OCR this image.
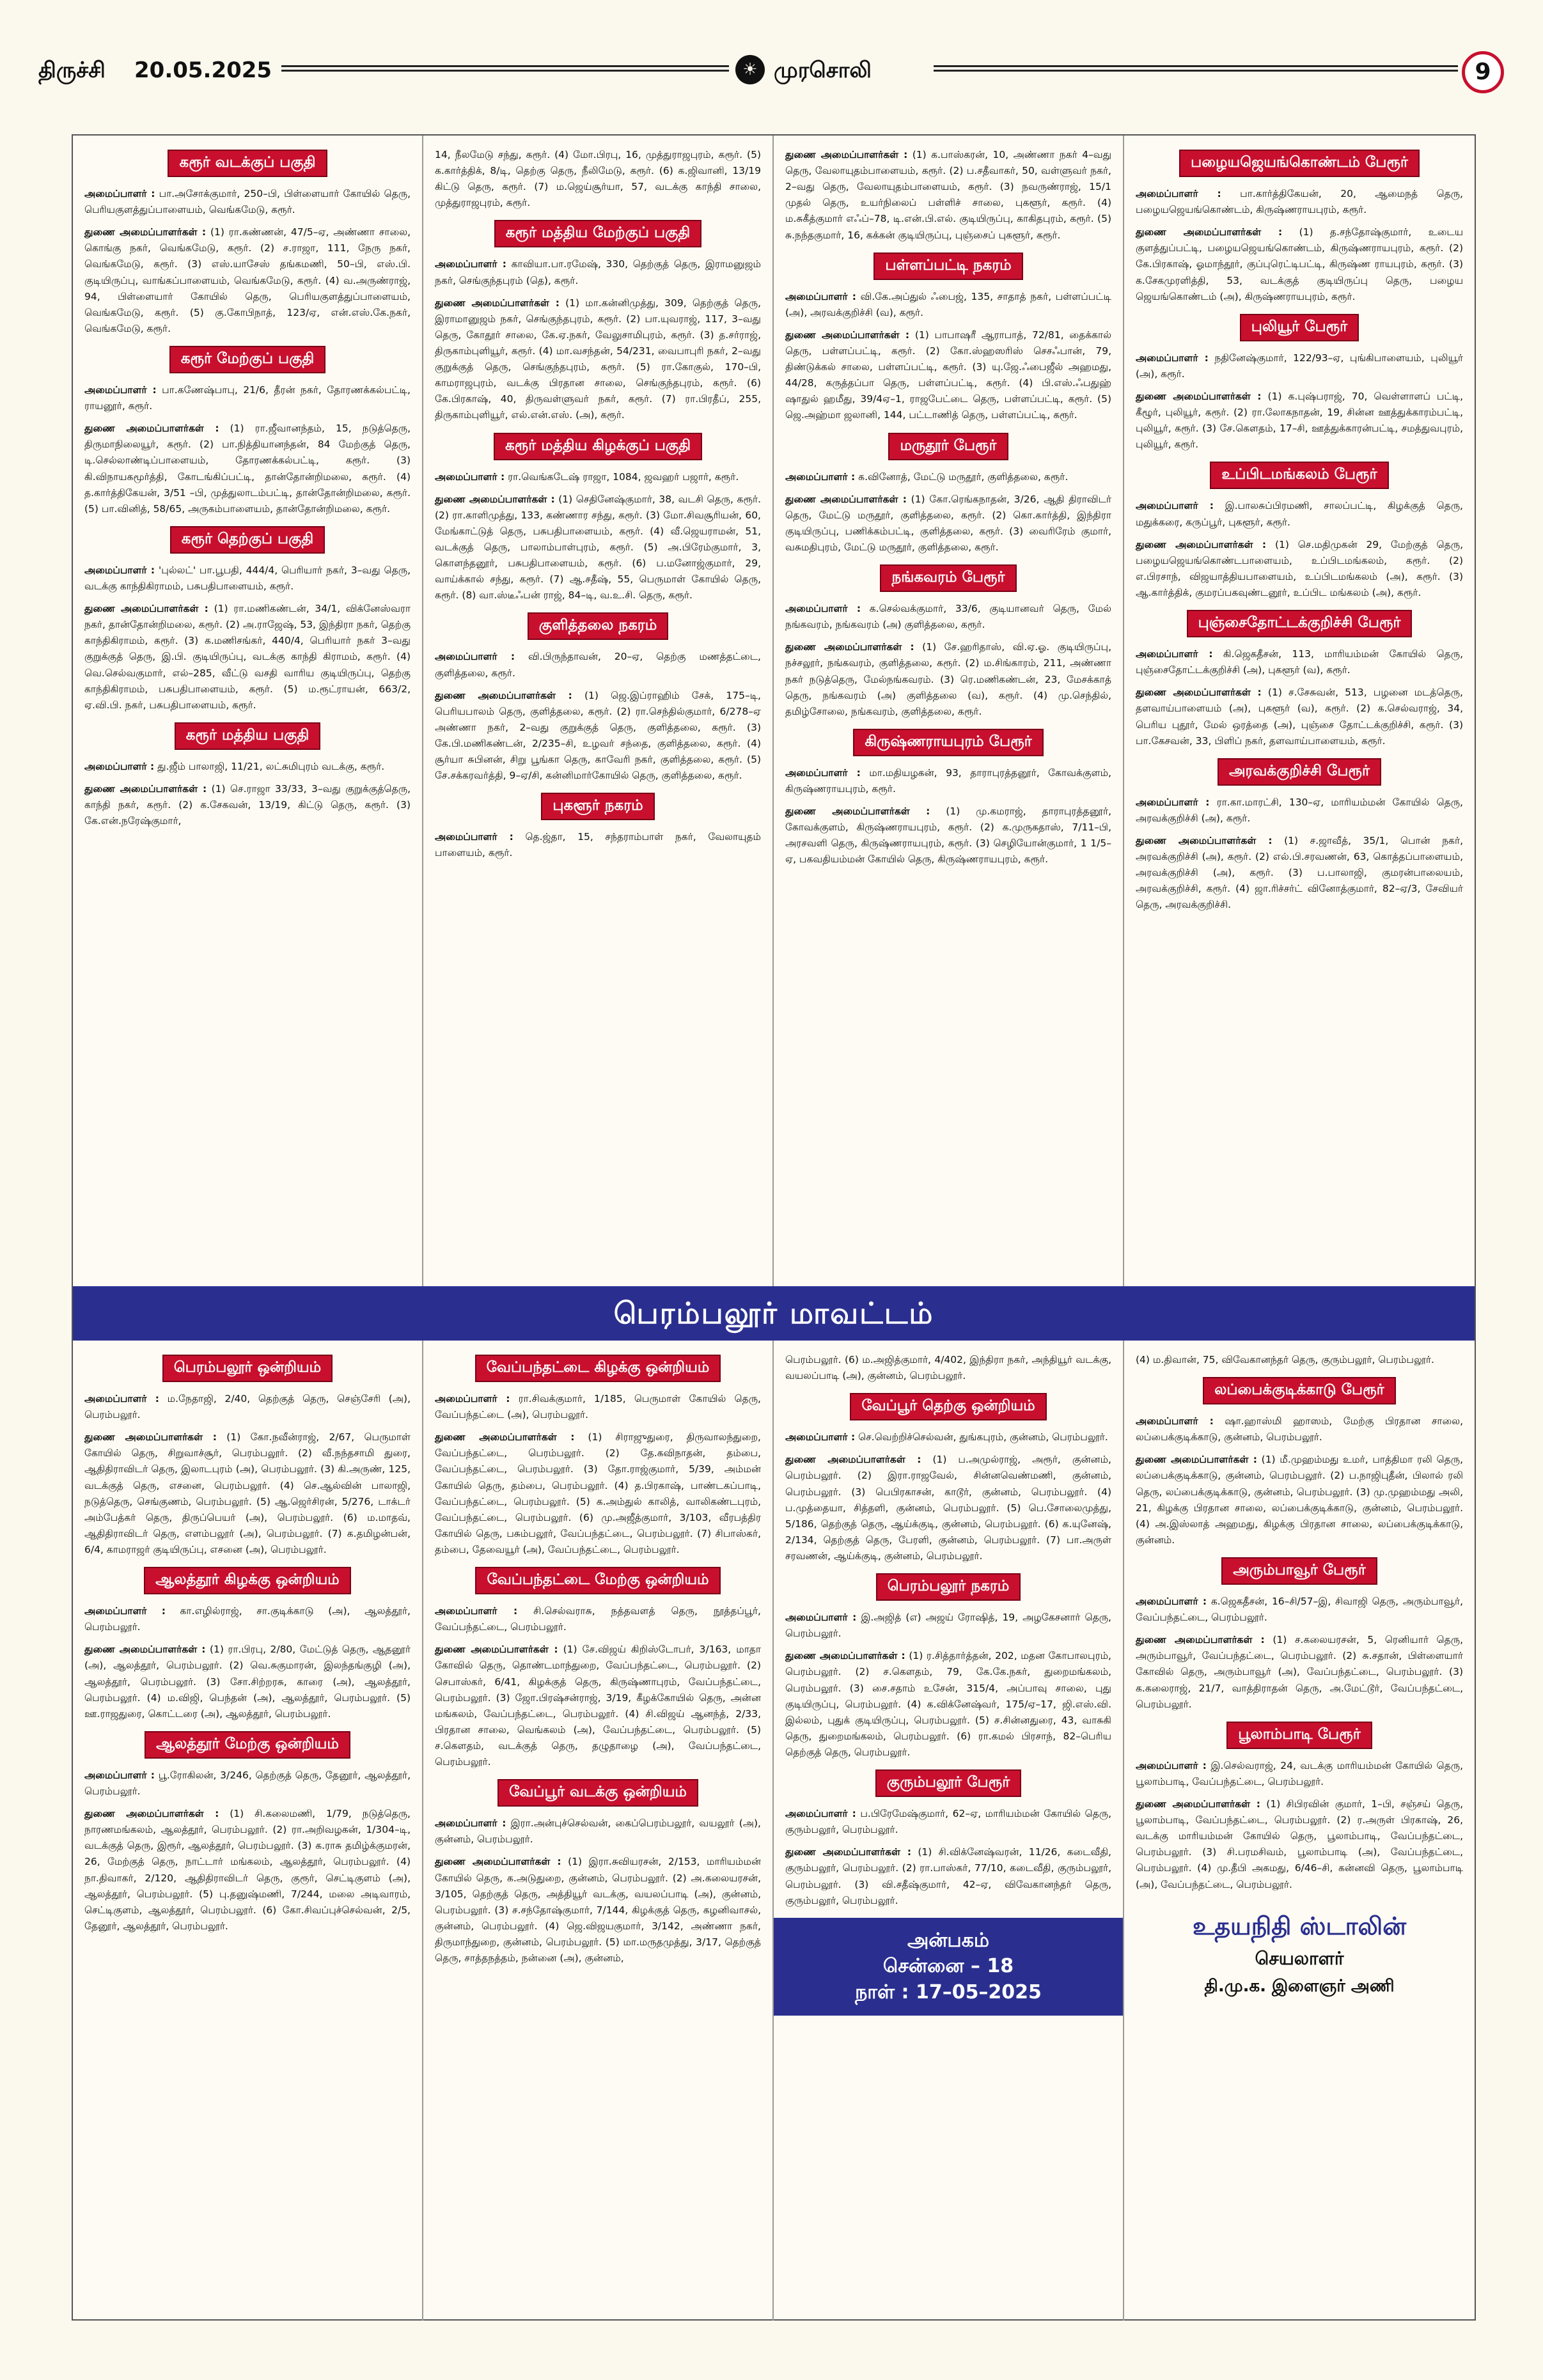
திருச்சி 20.05.2025	☀ முரசொலி	9
கரூர் வடக்குப் பகுதி

அமைப்பாளர் : பா.அசோக்குமார், 250–பி, பிள்ளையார் கோயில் தெரு, பெரியகுளத்துப்பாளையம், வெங்கமேடு, கரூர்.

துணை அமைப்பாளர்கள் : (1) ரா.கண்ணன், 47/5–ஏ, அண்ணா சாலை, கொங்கு நகர், வெங்கமேடு, கரூர். (2) ச.ராஜா, 111, நேரு நகர், வெங்கமேடு, கரூர். (3) எஸ்.யாசேஸ் தங்கமணி, 50–பி, எஸ்.பி. குடியிருப்பு, வாங்கப்பாளையம், வெங்கமேடு, கரூர். (4) வ.அருண்ராஜ், 94, பிள்ளையார் கோயில் தெரு, பெரியகுளத்துப்பாளையம், வெங்கமேடு, கரூர். (5) கு.கோபிநாத், 123/ஏ, என்.எஸ்.கே.நகர், வெங்கமேடு, கரூர்.

கரூர் மேற்குப் பகுதி

அமைப்பாளர் : பா.கணேஷ்பாபு, 21/6, தீரன் நகர், தோரணக்கல்பட்டி, ராயனூர், கரூர்.

துணை அமைப்பாளர்கள் : (1) ரா.ஜீவானந்தம், 15, நடுத்தெரு, திருமாநிலையூர், கரூர். (2) பா.நித்தியானந்தன், 84 மேற்குத் தெரு, டி.செல்லாண்டிப்பாளையம், தோரணக்கல்பட்டி, கரூர். (3) கி.விநாயகமூர்த்தி, கோடங்கிப்பட்டி, தான்தோன்றிமலை, கரூர். (4) த.கார்த்திகேயன், 3/51 –பி, முத்துலாடம்பட்டி, தான்தோன்றிமலை, கரூர். (5) பா.வினித், 58/65, அருகம்பாளையம், தான்தோன்றிமலை, கரூர்.

கரூர் தெற்குப் பகுதி

அமைப்பாளர் : 'புல்லட்' பா.பூபதி, 444/4, பெரியார் நகர், 3–வது தெரு, வடக்கு காந்திகிராமம், பசுபதிபாளையம், கரூர்.

துணை அமைப்பாளர்கள் : (1) ரா.மணிகண்டன், 34/1, விக்னேஸ்வரா நகர், தான்தோன்றிமலை, கரூர். (2) அ.ராஜேஷ், 53, இந்திரா நகர், தெற்கு காந்திகிராமம், கரூர். (3) க.மணிசங்கர், 440/4, பெரியார் நகர் 3–வது குறுக்குத் தெரு, இ.பி. குடியிருப்பு, வடக்கு காந்தி கிராமம், கரூர். (4) வெ.செல்வகுமார், எல்–285, வீட்டு வசதி வாரிய குடியிருப்பு, தெற்கு காந்திகிராமம், பசுபதிபாளையம், கரூர். (5) ம.ரூட்ராயன், 663/2, ஏ.வி.பி. நகர், பசுபதிபாளையம், கரூர்.

கரூர் மத்திய பகுதி

அமைப்பாளர் : து.ஜீம் பாலாஜி, 11/21, லட்சுமிபுரம் வடக்கு, கரூர்.

துணை அமைப்பாளர்கள் : (1) செ.ராஜா 33/33, 3–வது குறுக்குத்தெரு, காந்தி நகர், கரூர். (2) க.சேகவன், 13/19, கிட்டு தெரு, கரூர். (3) கே.என்.நரேஷ்குமார்,

14, நீலமேடு சந்து, கரூர். (4) மோ.பிரபு, 16, முத்துராஜபுரம், கரூர். (5) க.கார்த்திக், 8/டி, தெற்கு தெரு, நீலிமேடு, கரூர். (6) க.ஜிவானி, 13/19 கிட்டு தெரு, கரூர். (7) ம.ஜெய்சூர்யா, 57, வடக்கு காந்தி சாலை, முத்துராஜபுரம், கரூர்.

கரூர் மத்திய மேற்குப் பகுதி

அமைப்பாளர் : காவியா.பா.ரமேஷ், 330, தெற்குத் தெரு, இராமனுஜம் நகர், செங்குந்தபுரம் (தெ), கரூர்.

துணை அமைப்பாளர்கள் : (1) மா.கன்னிமுத்து, 309, தெற்குத் தெரு, இராமானுஜம் நகர், செங்குந்தபுரம், கரூர். (2) பா.யுவராஜ், 117, 3–வது தெரு, கோதூர் சாலை, கே.ஏ.நகர், வேலுசாமிபுரம், கரூர். (3) த.சர்ராஜ், திருகாம்புளியூர், கரூர். (4) மா.வசந்தன், 54/231, வைபாபுரி நகர், 2–வது குறுக்குத் தெரு, செங்குந்தபுரம், கரூர். (5) ரா.கோகுல், 170–பி, காமராஜபுரம், வடக்கு பிரதான சாலை, செங்குந்தபுரம், கரூர். (6) கே.பிரகாஷ், 40, திருவள்ளுவர் நகர், கரூர். (7) ரா.பிரதீப், 255, திருகாம்புளியூர், எல்.என்.எஸ். (அ), கரூர்.

கரூர் மத்திய கிழக்குப் பகுதி

அமைப்பாளர் : ரா.வெங்கடேஷ் ராஜா, 1084, ஜவஹர் பஜார், கரூர்.

துணை அமைப்பாளர்கள் : (1) செதினேஷ்குமார், 38, வடசி தெரு, கரூர். (2) ரா.காளிமுத்து, 133, கண்ணார சந்து, கரூர். (3) மோ.சிவசூரியன், 60, மேங்காட்டுத் தெரு, பசுபதிபாளையம், கரூர். (4) வீ.ஜெயராமன், 51, வடக்குத் தெரு, பாலாம்பாள்புரம், கரூர். (5) அ.பிரேம்குமார், 3, கொளந்தனூர், பசுபதிபாளையம், கரூர். (6) ப.மனோஜ்குமார், 29, வாய்க்கால் சந்து, கரூர். (7) ஆ.சதீஷ், 55, பெருமாள் கோயில் தெரு, கரூர். (8) வா.ஸ்டீஃபன் ராஜ், 84–டி, வ.உ.சி. தெரு, கரூர்.

குளித்தலை நகரம்

அமைப்பாளர் : வி.பிருந்தாவன், 20–ஏ, தெற்கு மணத்தட்டை, குளித்தலை, கரூர்.

துணை அமைப்பாளர்கள் : (1) ஜெ.இப்ராஹிம் சேக், 175–டி, பெரியபாலம் தெரு, குளித்தலை, கரூர். (2) ரா.செந்தில்குமார், 6/278–ஏ அண்ணா நகர், 2–வது குறுக்குத் தெரு, குளித்தலை, கரூர். (3) கே.பி.மணிகண்டன், 2/235–சி, உழவர் சந்தை, குளித்தலை, கரூர். (4) சூர்யா சுபினன், சிறு பூங்கா தெரு, காவேரி நகர், குளித்தலை, கரூர். (5) சே.சக்கரவர்த்தி, 9–ஏ/சி, கன்னிமார்கோயில் தெரு, குளித்தலை, கரூர்.

புகளூர் நகரம்

அமைப்பாளர் : தெ.ஜ்தா, 15, சந்தராம்பாள் நகர், வேலாயுதம் பாளையம், கரூர்.

துணை அமைப்பாளர்கள் : (1) க.பாஸ்கரன், 10, அண்ணா நகர் 4–வது தெரு, வேலாயுதம்பாளையம், கரூர். (2) ப.சதீவாகர், 50, வள்ளுவர் நகர், 2–வது தெரு, வேலாயுதம்பாளையம், கரூர். (3) நவருண்ராஜ், 15/1 முதல் தெரு, உயர்நிலைப் பள்ளிச் சாலை, புகளூர், கரூர். (4) ம.சுகீத்குமார் எஃப்–78, டி.என்.பி.எல். குடியிருப்பு, காகிதபுரம், கரூர். (5) சு.நந்தகுமார், 16, கக்கன் குடியிருப்பு, புஞ்சைப் புகளூர், கரூர்.

பள்ளப்பட்டி நகரம்

அமைப்பாளர் : வி.கே.அப்துல் ஃபைஜ், 135, சாதாத் நகர், பள்ளப்பட்டி (அ), அரவக்குறிச்சி (வ), கரூர்.

துணை அமைப்பாளர்கள் : (1) பாபாஷரீ ஆராபாத், 72/81, தைக்கால் தெரு, பள்ளப்பட்டி, கரூர். (2) கோ.ஸ்ஹஸரிஸ் செசஃபான், 79, திண்டுக்கல் சாலை, பள்ளப்பட்டி, கரூர். (3) யு.ஜே.ஃபைஜீல் அஹமது, 44/28, கருத்தப்பா தெரு, பள்ளப்பட்டி, கரூர். (4) பி.எஸ்.ஃபதுஹ் ஷாதுல் ஹமீது, 39/4ஏ–1, ராஜபேட்டை தெரு, பள்ளப்பட்டி, கரூர். (5) ஜெ.அஹ்மா ஜலானி, 144, பட்டாணித் தெரு, பள்ளப்பட்டி, கரூர்.

மருதூர் பேரூர்

அமைப்பாளர் : க.வினோத், மேட்டு மருதூர், குளித்தலை, கரூர்.

துணை அமைப்பாளர்கள் : (1) கோ.ரெங்கநாதன், 3/26, ஆதி திராவிடர் தெரு, மேட்டு மருதூர், குளித்தலை, கரூர். (2) கொ.கார்த்தி, இந்திரா குடியிருப்பு, பணிக்கம்பட்டி, குளித்தலை, கரூர். (3) வைரிரேம் குமார், வசுமதிபுரம், மேட்டு மருதூர், குளித்தலை, கரூர்.

நங்கவரம் பேரூர்

அமைப்பாளர் : க.செல்வக்குமார், 33/6, குடியானவர் தெரு, மேல் நங்கவரம், நங்கவரம் (அ) குளித்தலை, கரூர்.

துணை அமைப்பாளர்கள் : (1) சே.ஹரிதாஸ், வி.ஏ.ஓ. குடியிருப்பு, நச்சலூர், நங்கவரம், குளித்தலை, கரூர். (2) ம.சிங்காரம், 211, அண்ணா நகர் நடுத்தெரு, மேல்நங்கவரம். (3) ரெ.மணிகண்டன், 23, மேசக்காத் தெரு, நங்கவரம் (அ) குளித்தலை (வ), கரூர். (4) மு.செந்தில், தமிழ்சோலை, நங்கவரம், குளித்தலை, கரூர்.

கிருஷ்ணராயபுரம் பேரூர்

அமைப்பாளர் : மா.மதியழகன், 93, தாராபுரத்தனூர், கோவக்குளம், கிருஷ்ணராயபுரம், கரூர்.

துணை அமைப்பாளர்கள் : (1) மு.கமராஜ், தாராபுரத்தனூர், கோவக்குளம், கிருஷ்ணராயபுரம், கரூர். (2) க.முருகதாஸ், 7/11–பி, அரசவளி தெரு, கிருஷ்ணராயபுரம், கரூர். (3) செழியோன்குமார், 1 1/5–ஏ, பகவதியம்மன் கோயில் தெரு, கிருஷ்ணராயபுரம், கரூர்.

பழையஜெயங்கொண்டம் பேரூர்

அமைப்பாளர் : பா.கார்த்திகேயன், 20, ஆமைநத் தெரு, பழையஜெயங்கொண்டம், கிருஷ்ணராயபுரம், கரூர்.

துணை அமைப்பாளர்கள் : (1) த.சந்தோஷ்குமார், உடைய குளத்துப்பட்டி, பழையஜெயங்கொண்டம், கிருஷ்ணராயபுரம், கரூர். (2) கே.பிரகாஷ், ஓமாந்தூர், குப்புரெட்டிபட்டி, கிருஷ்ண ராயபுரம், கரூர். (3) க.சேகமுரளித்தி, 53, வடக்குத் குடியிருப்பு தெரு, பழைய ஜெயங்கொண்டம் (அ), கிருஷ்ணராயபுரம், கரூர்.

புலியூர் பேரூர்

அமைப்பாளர் : நதினேஷ்குமார், 122/93–ஏ, புங்கிபாளையம், புலியூர் (அ), கரூர்.

துணை அமைப்பாளர்கள் : (1) க.புஷ்பராஜ், 70, வெள்ளாளப் பட்டி, கீழூர், புலியூர், கரூர். (2) ரா.லோகநாதன், 19, சின்ன ஊத்துக்காரம்பட்டி, புலியூர், கரூர். (3) சே.கௌதம், 17–சி, ஊத்துக்காரன்பட்டி, சமத்துவபுரம், புலியூர், கரூர்.

உப்பிடமங்கலம் பேரூர்

அமைப்பாளர் : இ.பாலசுப்பிரமணி, சாலப்பட்டி, கிழக்குத் தெரு, மதுக்கரை, கருப்பூர், புகளூர், கரூர்.

துணை அமைப்பாளர்கள் : (1) செ.மதிமுகன் 29, மேற்குத் தெரு, பழையஜெயங்கொண்டபாளையம், உப்பிடமங்கலம், கரூர். (2) எ.பிரசாந், விஜயாத்தியபாளையம், உப்பிடமங்கலம் (அ), கரூர். (3) ஆ.கார்த்திக், குமரப்பகவுண்டனூர், உப்பிட மங்கலம் (அ), கரூர்.

புஞ்சைதோட்டக்குறிச்சி பேரூர்

அமைப்பாளர் : கி.ஜெகதீசன், 113, மாரியம்மன் கோயில் தெரு, புஞ்சைதோட்டக்குறிச்சி (அ), புகளூர் (வ), கரூர்.

துணை அமைப்பாளர்கள் : (1) ச.சேசுவன், 513, பழனை மடத்தெரு, தளவாய்பாளையம் (அ), புகளூர் (வ), கரூர். (2) க.செல்வராஜ், 34, பெரிய புதூர், மேல் ஒரத்தை (அ), புஞ்சை தோட்டக்குறிச்சி, கரூர். (3) பா.கேசவன், 33, பிளிப் நகர், தளவாய்பாளையம், கரூர்.

அரவக்குறிச்சி பேரூர்

அமைப்பாளர் : ரா.கா.மாரட்சி, 130–ஏ, மாரியம்மன் கோயில் தெரு, அரவக்குறிச்சி (அ), கரூர்.

துணை அமைப்பாளர்கள் : (1) ச.ஜாவீத், 35/1, பொன் நகர், அரவக்குறிச்சி (அ), கரூர். (2) எல்.பி.சரவணன், 63, கொத்தப்பாளையம், அரவக்குறிச்சி (அ), கரூர். (3) ப.பாலாஜி, குமரன்பாலையம், அரவக்குறிச்சி, கரூர். (4) ஜா.ரிச்சர்ட் வினோத்குமார், 82–ஏ/3, சேவியர் தெரு, அரவக்குறிச்சி.

பெரம்பலூர் மாவட்டம்
பெரம்பலூர் ஒன்றியம்

அமைப்பாளர் : ம.நேதாஜி, 2/40, தெற்குத் தெரு, செஞ்சேரி (அ), பெரம்பலூர்.

துணை அமைப்பாளர்கள் : (1) கோ.நவீன்ராஜ், 2/67, பெருமாள் கோயில் தெரு, சிறுவாச்சூர், பெரம்பலூர். (2) வீ.நந்தசாமி துரை, ஆதிதிராவிடர் தெரு, இலாடபுரம் (அ), பெரம்பலூர். (3) கி.அருண், 125, வடக்குத் தெரு, எசனை, பெரம்பலூர். (4) செ.ஆல்வின் பாலாஜி, நடுத்தெரு, செங்குணம், பெரம்பலூர். (5) ஆ.ஜெர்சிரன், 5/276, டாக்டர் அம்பேத்கர் தெரு, திருப்பெயர் (அ), பெரம்பலூர். (6) ம.மாதவ், ஆதிதிராவிடர் தெரு, எளம்பலூர் (அ), பெரம்பலூர். (7) க.தமிழன்பன், 6/4, காமராஜர் குடியிருப்பு, எசனை (அ), பெரம்பலூர்.

ஆலத்தூர் கிழக்கு ஒன்றியம்

அமைப்பாளர் : கா.எழில்ராஜ், சா.குடிக்காடு (அ), ஆலத்தூர், பெரம்பலூர்.

துணை அமைப்பாளர்கள் : (1) ரா.பிரபு, 2/80, மேட்டுத் தெரு, ஆதனூர் (அ), ஆலத்தூர், பெரம்பலூர். (2) வெ.சுகுமாரன், இலந்தங்குழி (அ), ஆலத்தூர், பெரம்பலூர். (3) சோ.சிற்றரசு, காரை (அ), ஆலத்தூர், பெரம்பலூர். (4) ம.விஜி, பெந்தன் (அ), ஆலத்தூர், பெரம்பலூர். (5) ஊ.ராஜதுரை, கொட்டரை (அ), ஆலத்தூர், பெரம்பலூர்.

ஆலத்தூர் மேற்கு ஒன்றியம்

அமைப்பாளர் : பூ.ரோகிலன், 3/246, தெற்குத் தெரு, தேனூர், ஆலத்தூர், பெரம்பலூர்.

துணை அமைப்பாளர்கள் : (1) சி.கலைமணி, 1/79, நடுத்தெரு, நாரணமங்கலம், ஆலத்தூர், பெரம்பலூர். (2) ரா.அறிவழகன், 1/304–டி, வடக்குத் தெரு, இரூர், ஆலத்தூர், பெரம்பலூர். (3) க.ராசு தமிழ்க்குமரன், 26, மேற்குத் தெரு, நாட்டார் மங்கலம், ஆலத்தூர், பெரம்பலூர். (4) நா.திவாகர், 2/120, ஆதிதிராவிடர் தெரு, குரூர், செட்டிகுளம் (அ), ஆலத்தூர், பெரம்பலூர். (5) பு.தனுஷ்மணி, 7/244, மலை அடிவாரம், செட்டிகுளம், ஆலத்தூர், பெரம்பலூர். (6) கோ.சிவப்புச்செல்வன், 2/5, தேனூர், ஆலத்தூர், பெரம்பலூர்.

வேப்பந்தட்டை கிழக்கு ஒன்றியம்

அமைப்பாளர் : ரா.சிவக்குமார், 1/185, பெருமாள் கோயில் தெரு, வேப்பந்தட்டை (அ), பெரம்பலூர்.

துணை அமைப்பாளர்கள் : (1) சிராஜுதுரை, திருவாலந்துறை, வேப்பந்தட்டை, பெரம்பலூர். (2) தே.கவிநாதன், தம்பை, வேப்பந்தட்டை, பெரம்பலூர். (3) தோ.ராஜ்குமார், 5/39, அம்மன் கோயில் தெரு, தம்பை, பெரம்பலூர். (4) த.பிரகாஷ், பாண்டகப்பாடி, வேப்பந்தட்டை, பெரம்பலூர். (5) க.அம்துல் காலித், வாலிகண்டபுரம், வேப்பந்தட்டை, பெரம்பலூர். (6) மு.அஜீத்குமார், 3/103, வீரபத்திர கோயில் தெரு, பசும்பலூர், வேப்பந்தட்டை, பெரம்பலூர். (7) சிபாஸ்கர், தம்பை, தேவையூர் (அ), வேப்பந்தட்டை, பெரம்பலூர்.

வேப்பந்தட்டை மேற்கு ஒன்றியம்

அமைப்பாளர் : சி.செல்வராசு, நத்தவளத் தெரு, நூத்தப்பூர், வேப்பந்தட்டை, பெரம்பலூர்.

துணை அமைப்பாளர்கள் : (1) சே.விஜய் கிறிஸ்டோபர், 3/163, மாதா கோவில் தெரு, தொண்டமாந்துறை, வேப்பந்தட்டை, பெரம்பலூர். (2) செபாஸ்கர், 6/41, கிழக்குத் தெரு, கிருஷ்ணாபுரம், வேப்பந்தட்டை, பெரம்பலூர். (3) ஜோ.பிரஷ்சன்ராஜ், 3/19, கீழக்கோயில் தெரு, அன்ன மங்கலம், வேப்பந்தட்டை, பெரம்பலூர். (4) சி.விஜய் ஆனந்த், 2/33, பிரதான சாலை, வெங்கலம் (அ), வேப்பந்தட்டை, பெரம்பலூர். (5) ச.கௌதம், வடக்குத் தெரு, தழுதாழை (அ), வேப்பந்தட்டை, பெரம்பலூர்.

வேப்பூர் வடக்கு ஒன்றியம்

அமைப்பாளர் : இரா.அன்புச்செல்வன், கைப்பெரம்பலூர், வயலூர் (அ), குன்னம், பெரம்பலூர்.

துணை அமைப்பாளர்கள் : (1) இரா.சுவியரசன், 2/153, மாரியம்மன் கோயில் தெரு, க.அடுதுறை, குன்னம், பெரம்பலூர். (2) அ.கலையரசன், 3/105, தெற்குத் தெரு, அத்தியூர் வடக்கு, வயலப்பாடி (அ), குன்னம், பெரம்பலூர். (3) ச.சந்தோஷ்குமார், 7/144, கிழக்குத் தெரு, கழனிவாசல், குன்னம், பெரம்பலூர். (4) ஜெ.விஜயகுமார், 3/142, அண்ணா நகர், திருமாந்துறை, குன்னம், பெரம்பலூர். (5) மா.மருதமுத்து, 3/17, தெற்குத் தெரு, சாத்தநத்தம், நன்னை (அ), குன்னம்,

பெரம்பலூர். (6) ம.அஜித்குமார், 4/402, இந்திரா நகர், அந்தியூர் வடக்கு, வயலப்பாடி (அ), குன்னம், பெரம்பலூர்.

வேப்பூர் தெற்கு ஒன்றியம்

அமைப்பாளர் : செ.வெற்றிச்செல்வன், துங்கபுரம், குன்னம், பெரம்பலூர்.

துணை அமைப்பாளர்கள் : (1) ப.அமுல்ராஜ், அரூர், குன்னம், பெரம்பலூர். (2) இரா.ராஜவேல், சின்னவெண்மணி, குன்னம், பெரம்பலூர். (3) பெபிரகாசன், காடூர், குன்னம், பெரம்பலூர். (4) ப.முத்தையா, சித்தளி, குன்னம், பெரம்பலூர். (5) பெ.சோலைமுத்து, 5/186, தெற்குத் தெரு, ஆய்க்குடி, குன்னம், பெரம்பலூர். (6) க.யுனேஷ், 2/134, தெற்குத் தெரு, பேரளி, குன்னம், பெரம்பலூர். (7) பா.அருள் சரவணன், ஆய்க்குடி, குன்னம், பெரம்பலூர்.

பெரம்பலூர் நகரம்

அமைப்பாளர் : இ.அஜித் (எ) அஜய் ரோஷித், 19, அழகேசனார் தெரு, பெரம்பலூர்.

துணை அமைப்பாளர்கள் : (1) ர.சித்தார்த்தன், 202, மதன கோபாலபுரம், பெரம்பலூர். (2) ச.கௌதம், 79, கே.கே.நகர், துறைமங்கலம், பெரம்பலூர். (3) சை.சதாம் உசேன், 315/4, அப்பாவு சாலை, புது குடியிருப்பு, பெரம்பலூர். (4) க.விக்னேஷ்வர், 175/ஏ–17, ஜி.எஸ்.வி. இல்லம், புதுக் குடியிருப்பு, பெரம்பலூர். (5) ச.சின்னதுரை, 43, வாசுகி தெரு, துறைமங்கலம், பெரம்பலூர். (6) ரா.கமல் பிரசாந், 82–பெரிய தெற்குத் தெரு, பெரம்பலூர்.

குரும்பலூர் பேரூர்

அமைப்பாளர் : ப.பிரேமேஷ்குமார், 62–ஏ, மாரியம்மன் கோயில் தெரு, குரும்பலூர், பெரம்பலூர்.

துணை அமைப்பாளர்கள் : (1) சி.விக்னேஷ்வரன், 11/26, கடைவீதி, குரும்பலூர், பெரம்பலூர். (2) ரா.பாஸ்கர், 77/10, கடைவீதி, குரும்பலூர், பெரம்பலூர். (3) வி.சதீஷ்குமார், 42–ஏ, விவேகானந்தர் தெரு, குரும்பலூர், பெரம்பலூர்.

அன்பகம்
சென்னை – 18
நாள் : 17–05–2025

(4) ம.திவான், 75, விவேகானந்தர் தெரு, குரும்பலூர், பெரம்பலூர்.

லப்பைக்குடிக்காடு பேரூர்

அமைப்பாளர் : ஷா.ஹாஸ்மி ஹாஸம், மேற்கு பிரதான சாலை, லப்பைக்குடிக்காடு, குன்னம், பெரம்பலூர்.

துணை அமைப்பாளர்கள் : (1) மீ.முஹம்மது உமர், பாத்திமா ரலி தெரு, லப்பைக்குடிக்காடு, குன்னம், பெரம்பலூர். (2) ப.நாஜிபுதீன், பிலால் ரலி தெரு, லப்பைக்குடிக்காடு, குன்னம், பெரம்பலூர். (3) மு.முஹம்மது அலி, 21, கிழக்கு பிரதான சாலை, லப்பைக்குடிக்காடு, குன்னம், பெரம்பலூர். (4) அ.இஸ்லாத் அஹமது, கிழக்கு பிரதான சாலை, லப்பைக்குடிக்காடு, குன்னம்.

அரும்பாவூர் பேரூர்

அமைப்பாளர் : க.ஜெகதீசன், 16–சி/57–இ, சிவாஜி தெரு, அரும்பாவூர், வேப்பந்தட்டை, பெரம்பலூர்.

துணை அமைப்பாளர்கள் : (1) ச.கலையரசன், 5, ரெனியார் தெரு, அரும்பாவூர், வேப்பந்தட்டை, பெரம்பலூர். (2) சு.சதான், பிள்ளையார் கோவில் தெரு, அரும்பாவூர் (அ), வேப்பந்தட்டை, பெரம்பலூர். (3) க.கலைராஜ், 21/7, வாத்திராதன் தெரு, அ.மேட்டூர், வேப்பந்தட்டை, பெரம்பலூர்.

பூலாம்பாடி பேரூர்

அமைப்பாளர் : இ.செல்வராஜ், 24, வடக்கு மாரியம்மன் கோயில் தெரு, பூலாம்பாடி, வேப்பந்தட்டை, பெரம்பலூர்.

துணை அமைப்பாளர்கள் : (1) சிபிரவின் குமார், 1–பி, சஞ்சய் தெரு, பூலாம்பாடி, வேப்பந்தட்டை, பெரம்பலூர். (2) ர.அருள் பிரகாஷ், 26, வடக்கு மாரியம்மன் கோயில் தெரு, பூலாம்பாடி, வேப்பந்தட்டை, பெரம்பலூர். (3) சி.பரமசிவம், பூலாம்பாடி (அ), வேப்பந்தட்டை, பெரம்பலூர். (4) மு.தீபி அகமது, 6/46–சி, கன்னவி தெரு, பூலாம்பாடி (அ), வேப்பந்தட்டை, பெரம்பலூர்.

உதயநிதி ஸ்டாலின்
செயலாளர்
தி.மு.க. இளைஞர் அணி
